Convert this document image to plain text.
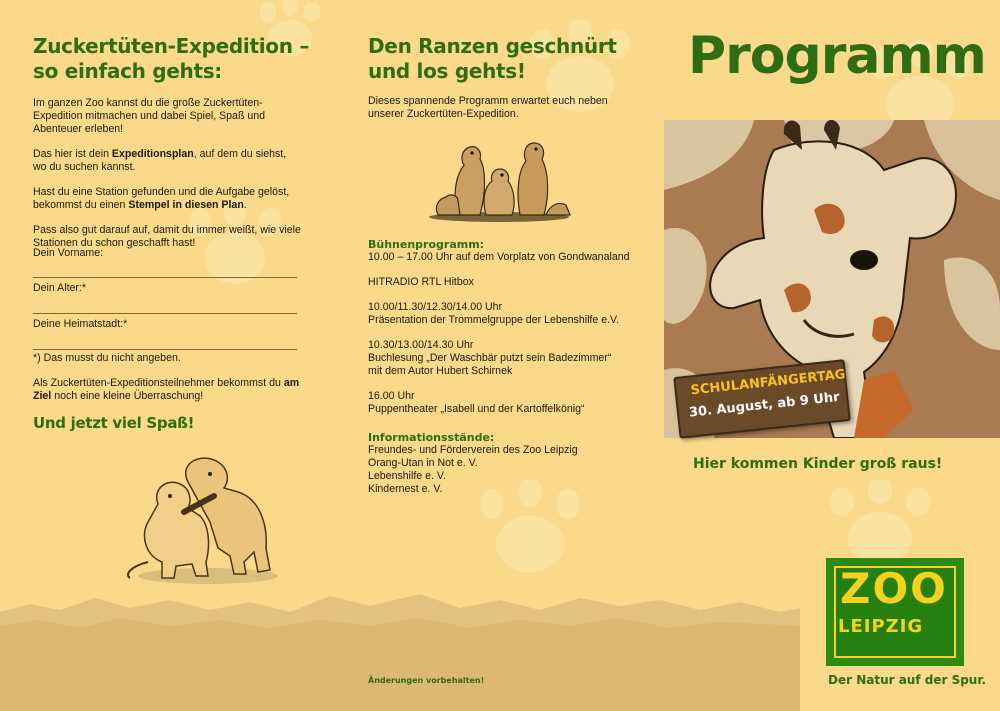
Zuckertüten-Expedition –
so einfach gehts:

Im ganzen Zoo kannst du die große Zuckertüten-Expedition mitmachen und dabei Spiel, Spaß und Abenteuer erleben!

Das hier ist dein Expeditionsplan, auf dem du siehst, wo du suchen kannst.

Hast du eine Station gefunden und die Aufgabe gelöst, bekommst du einen Stempel in diesen Plan.

Pass also gut darauf auf, damit du immer weißt, wie viele Stationen du schon geschafft hast!

Dein Vorname:
Dein Alter:*
Deine Heimatstadt:*

*) Das musst du nicht angeben.

Als Zuckertüten-Expeditionsteilnehmer bekommst du am Ziel noch eine kleine Überraschung!

Und jetzt viel Spaß!
Den Ranzen geschnürt
und los gehts!
Dieses spannende Programm erwartet euch neben unserer Zuckertüten-Expedition.
Bühnenprogramm:

10.00 – 17.00 Uhr auf dem Vorplatz von Gondwanaland

HITRADIO RTL Hitbox

10.00/11.30/12.30/14.00 Uhr
Präsentation der Trommelgruppe der Lebenshilfe e.V.

10.30/13.00/14.30 Uhr
Buchlesung „Der Waschbär putzt sein Badezimmer“
mit dem Autor Hubert Schirnek

16.00 Uhr
Puppentheater „Isabell und der Kartoffelkönig“

Informationsstände:
Freundes- und Förderverein des Zoo Leipzig
Orang-Utan in Not e. V.
Lebenshilfe e. V.
Kindernest e. V.
Änderungen vorbehalten!
Programm
SCHULANFÄNGERTAG
30. August, ab 9 Uhr
Hier kommen Kinder groß raus!
ZOO
LEIPZIG
Der Natur auf der Spur.
